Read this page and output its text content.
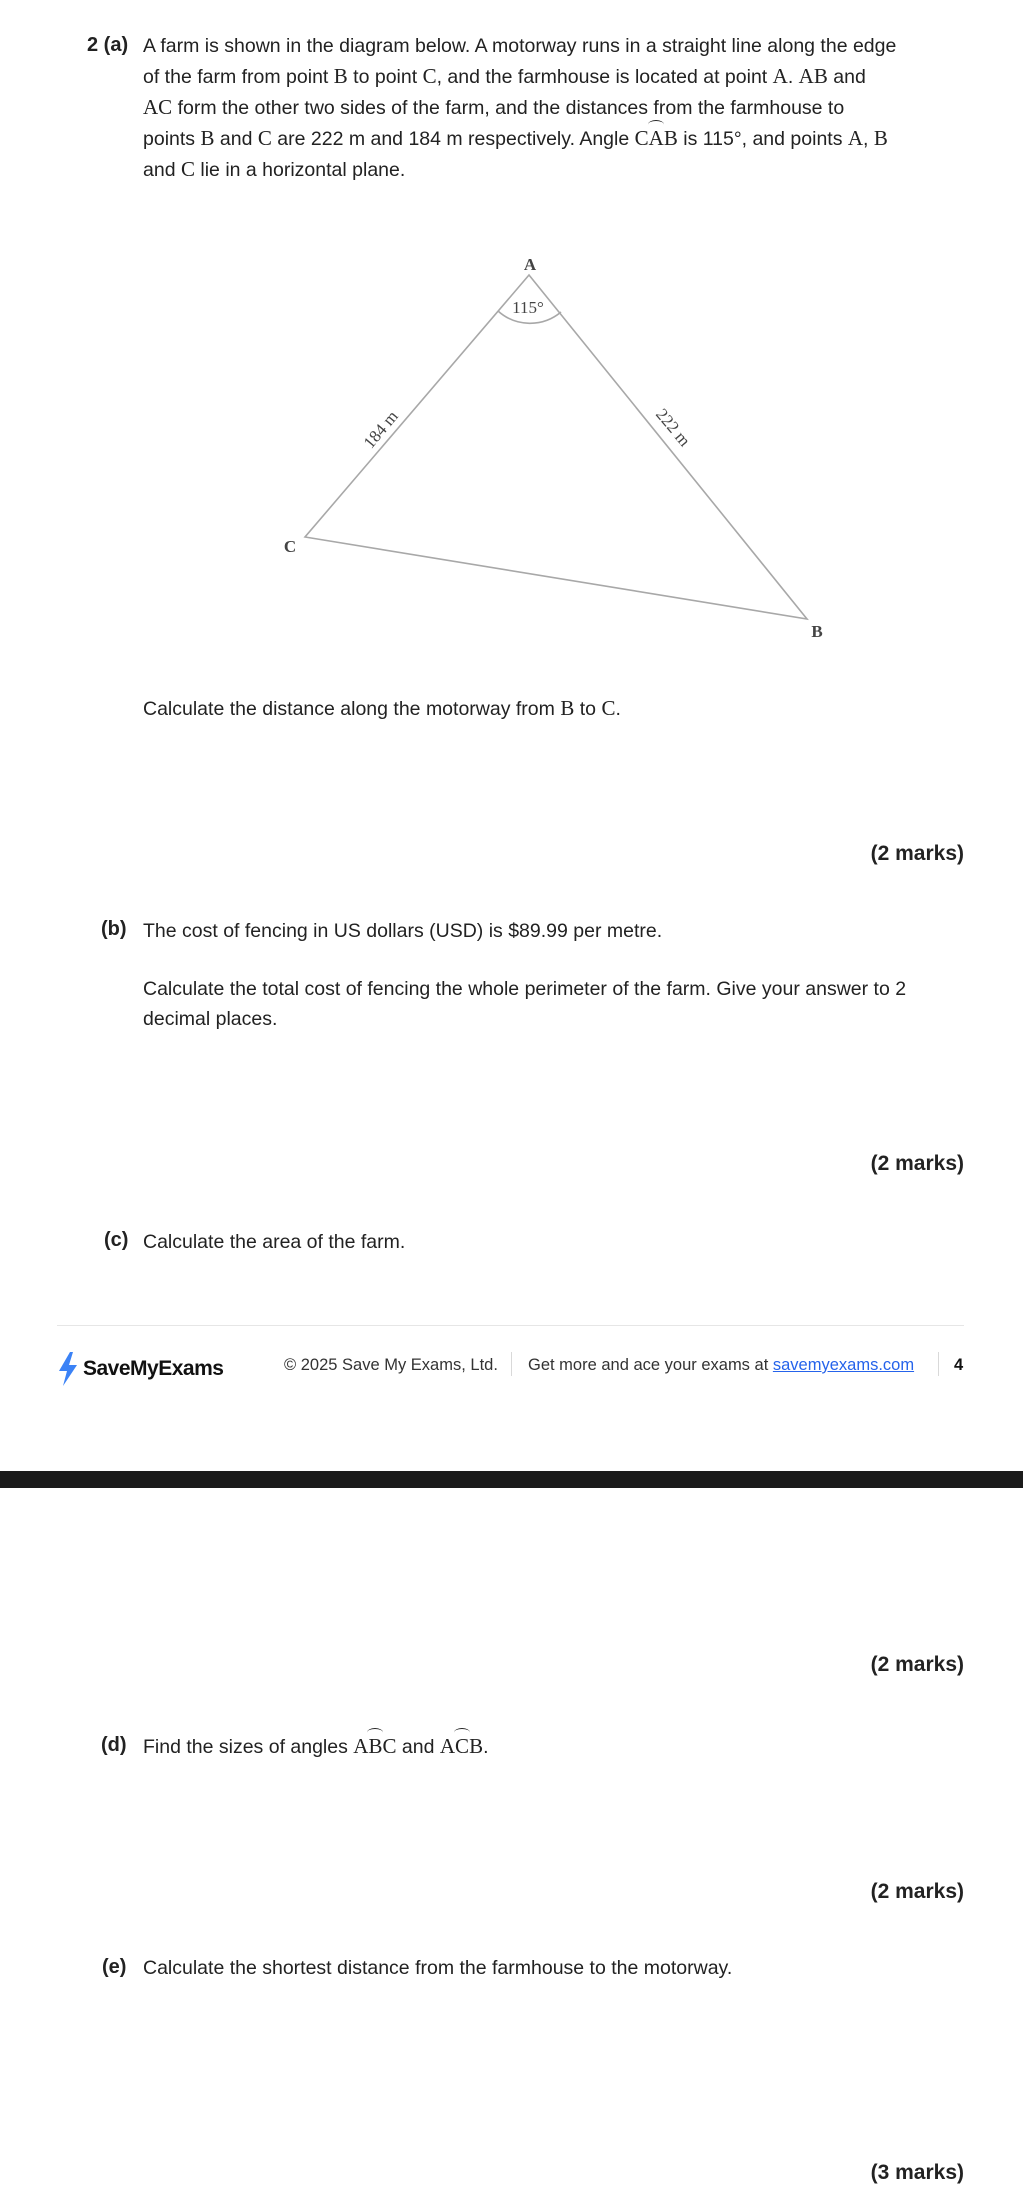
2 (a) A farm is shown in the diagram below. A motorway runs in a straight line along the edge
of the farm from point B to point C, and the farmhouse is located at point A. AB and
AC form the other two sides of the farm, and the distances from the farmhouse to
points B and C are 222 m and 184 m respectively. Angle CAB is 115°, and points A, B
and C lie in a horizontal plane.
A
B
C
115°
184 m	222 m
Calculate the distance along the motorway from B to C.
(2 marks)
(b) The cost of fencing in US dollars (USD) is $89.99 per metre.
Calculate the total cost of fencing the whole perimeter of the farm. Give your answer to 2
decimal places.
(2 marks)
(c) Calculate the area of the farm.
SaveMyExams	© 2025 Save My Exams, Ltd. Get more and ace your exams at savemyexams.com 4
(2 marks)
(d) Find the sizes of angles ABC and ACB.
(2 marks)
(e) Calculate the shortest distance from the farmhouse to the motorway.
(3 marks)
